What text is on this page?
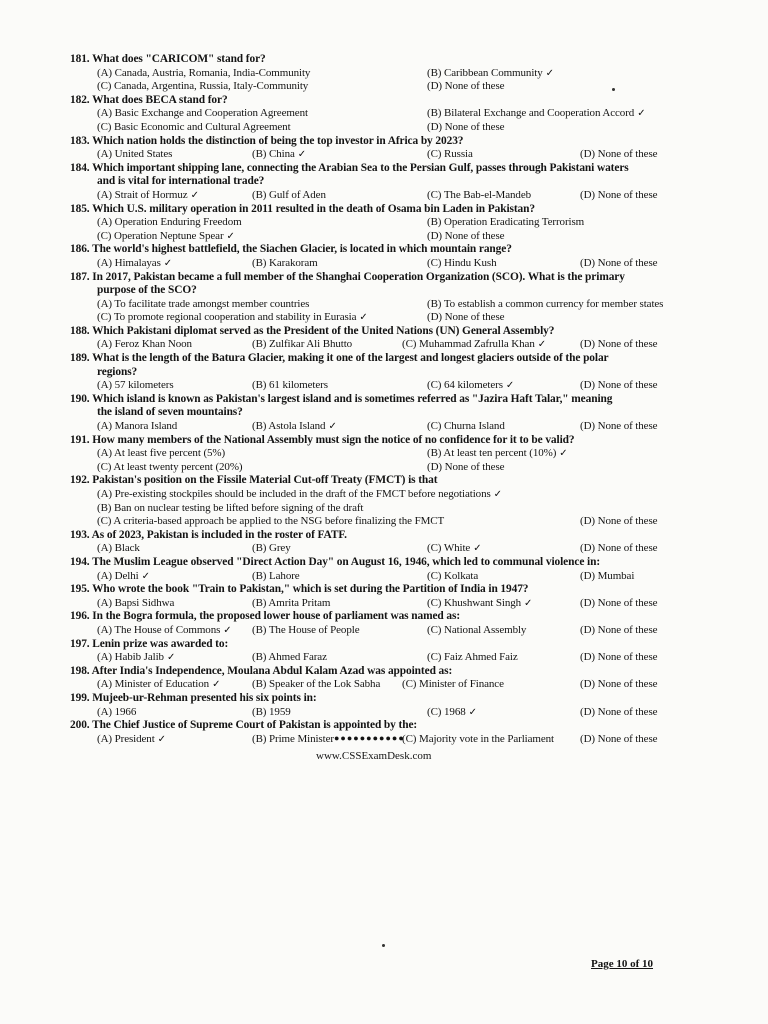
181. What does "CARICOM" stand for?
(A) Canada, Austria, Romania, India-Community	(B) Caribbean Community ✓
(C) Canada, Argentina, Russia, Italy-Community	(D) None of these
182. What does BECA stand for?
(A) Basic Exchange and Cooperation Agreement	(B) Bilateral Exchange and Cooperation Accord ✓
(C) Basic Economic and Cultural Agreement	(D) None of these
183. Which nation holds the distinction of being the top investor in Africa by 2023?
(A) United States	(B) China ✓	(C) Russia	(D) None of these
184. Which important shipping lane, connecting the Arabian Sea to the Persian Gulf, passes through Pakistani waters
and is vital for international trade?
(A) Strait of Hormuz ✓	(B) Gulf of Aden	(C) The Bab-el-Mandeb	(D) None of these
185. Which U.S. military operation in 2011 resulted in the death of Osama bin Laden in Pakistan?
(A) Operation Enduring Freedom	(B) Operation Eradicating Terrorism
(C) Operation Neptune Spear ✓	(D) None of these
186. The world's highest battlefield, the Siachen Glacier, is located in which mountain range?
(A) Himalayas ✓	(B) Karakoram	(C) Hindu Kush	(D) None of these
187. In 2017, Pakistan became a full member of the Shanghai Cooperation Organization (SCO). What is the primary
purpose of the SCO?
(A) To facilitate trade amongst member countries	(B) To establish a common currency for member states
(C) To promote regional cooperation and stability in Eurasia ✓	(D) None of these
188. Which Pakistani diplomat served as the President of the United Nations (UN) General Assembly?
(A) Feroz Khan Noon	(B) Zulfikar Ali Bhutto	(C) Muhammad Zafrulla Khan ✓	(D) None of these
189. What is the length of the Batura Glacier, making it one of the largest and longest glaciers outside of the polar
regions?
(A) 57 kilometers	(B) 61 kilometers	(C) 64 kilometers ✓	(D) None of these
190. Which island is known as Pakistan's largest island and is sometimes referred as "Jazira Haft Talar," meaning
the island of seven mountains?
(A) Manora Island	(B) Astola Island ✓	(C) Churna Island	(D) None of these
191. How many members of the National Assembly must sign the notice of no confidence for it to be valid?
(A) At least five percent (5%)	(B) At least ten percent (10%) ✓
(C) At least twenty percent (20%)	(D) None of these
192. Pakistan's position on the Fissile Material Cut-off Treaty (FMCT) is that
(A) Pre-existing stockpiles should be included in the draft of the FMCT before negotiations ✓
(B) Ban on nuclear testing be lifted before signing of the draft
(C) A criteria-based approach be applied to the NSG before finalizing the FMCT	(D) None of these
193. As of 2023, Pakistan is included in the roster of FATF.
(A) Black	(B) Grey	(C) White ✓	(D) None of these
194. The Muslim League observed "Direct Action Day" on August 16, 1946, which led to communal violence in:
(A) Delhi ✓	(B) Lahore	(C) Kolkata	(D) Mumbai
195. Who wrote the book "Train to Pakistan," which is set during the Partition of India in 1947?
(A) Bapsi Sidhwa	(B) Amrita Pritam	(C) Khushwant Singh ✓	(D) None of these
196. In the Bogra formula, the proposed lower house of parliament was named as:
(A) The House of Commons ✓ (B) The House of People	(C) National Assembly	(D) None of these
197. Lenin prize was awarded to:
(A) Habib Jalib ✓	(B) Ahmed Faraz	(C) Faiz Ahmed Faiz	(D) None of these
198. After India's Independence, Moulana Abdul Kalam Azad was appointed as:
(A) Minister of Education ✓	(B) Speaker of the Lok Sabha (C) Minister of Finance	(D) None of these
199. Mujeeb-ur-Rehman presented his six points in:
(A) 1966	(B) 1959	(C) 1968 ✓	(D) None of these
200. The Chief Justice of Supreme Court of Pakistan is appointed by the:
(A) President ✓	(B) Prime Minister	(C) Majority vote in the Parliament (D) None of these
●●●●●●●●●●●
www.CSSExamDesk.com
Page 10 of 10
